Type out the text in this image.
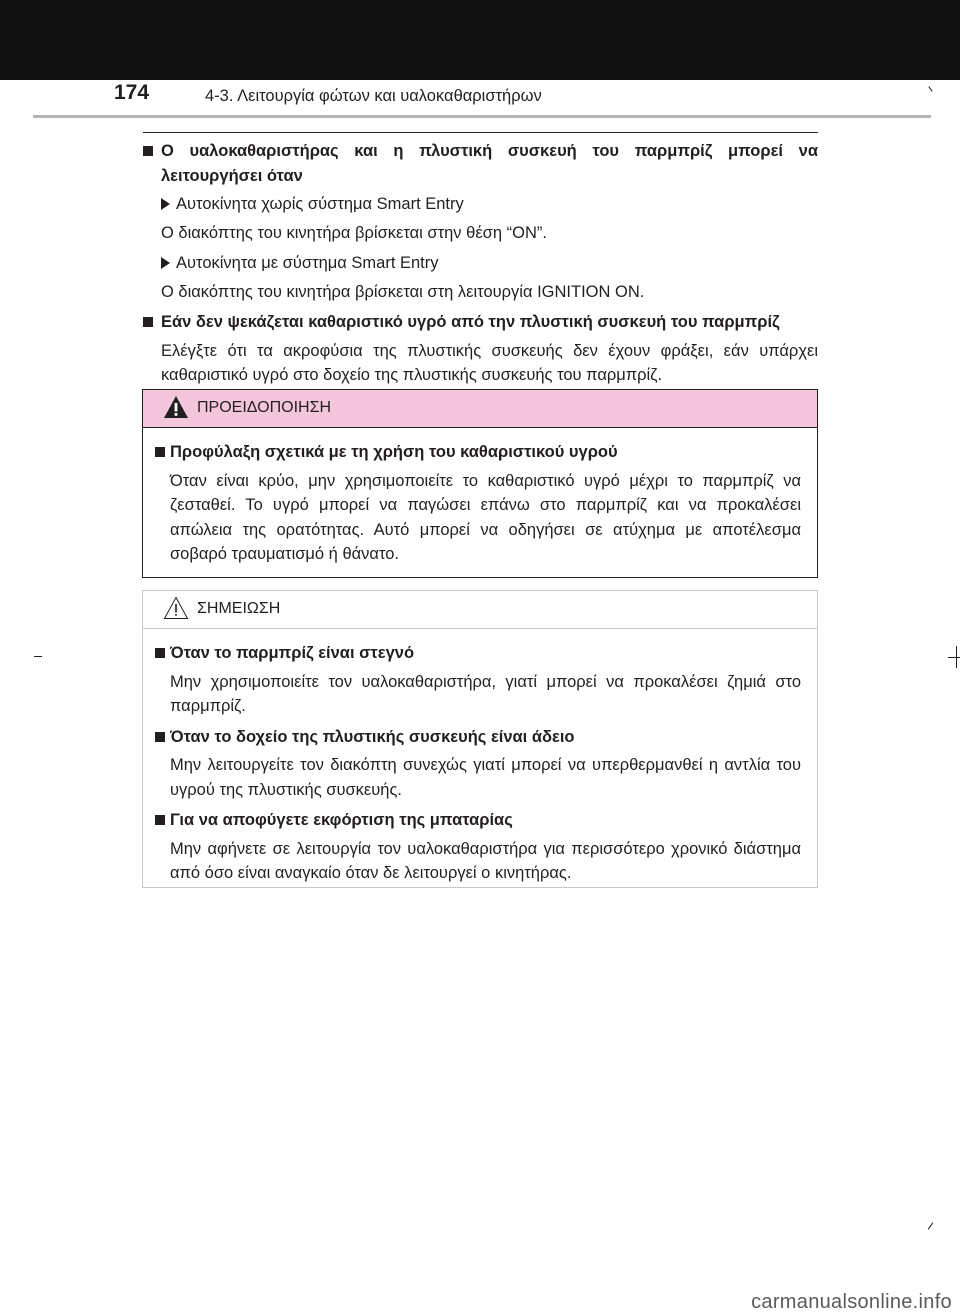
174	4-3. Λειτουργία φώτων και υαλοκαθαριστήρων
Ο υαλοκαθαριστήρας και η πλυστική συσκευή του παρμπρίζ μπορεί να λειτουργήσει όταν
Αυτοκίνητα χωρίς σύστημα Smart Entry

Ο διακόπτης του κινητήρα βρίσκεται στην θέση “ON”.

Αυτοκίνητα με σύστημα Smart Entry

Ο διακόπτης του κινητήρα βρίσκεται στη λειτουργία IGNITION ON.

Εάν δεν ψεκάζεται καθαριστικό υγρό από την πλυστική συσκευή του παρμπρίζ

Ελέγξτε ότι τα ακροφύσια της πλυστικής συσκευής δεν έχουν φράξει, εάν υπάρχει καθαριστικό υγρό στο δοχείο της πλυστικής συσκευής του παρμπρίζ.

ΠΡΟΕΙΔΟΠΟΙΗΣΗ
Προφύλαξη σχετικά με τη χρήση του καθαριστικού υγρού

Όταν είναι κρύο, μην χρησιμοποιείτε το καθαριστικό υγρό μέχρι το παρμπρίζ να ζεσταθεί. Το υγρό μπορεί να παγώσει επάνω στο παρμπρίζ και να προκαλέσει απώλεια της ορατότητας. Αυτό μπορεί να οδηγήσει σε ατύχημα με αποτέλεσμα σοβαρό τραυματισμό ή θάνατο.

ΣΗΜΕΙΩΣΗ
Όταν το παρμπρίζ είναι στεγνό

Μην χρησιμοποιείτε τον υαλοκαθαριστήρα, γιατί μπορεί να προκαλέσει ζημιά στο παρμπρίζ.

Όταν το δοχείο της πλυστικής συσκευής είναι άδειο

Μην λειτουργείτε τον διακόπτη συνεχώς γιατί μπορεί να υπερθερμανθεί η αντλία του υγρού της πλυστικής συσκευής.

Για να αποφύγετε εκφόρτιση της μπαταρίας

Μην αφήνετε σε λειτουργία τον υαλοκαθαριστήρα για περισσότερο χρονικό διάστημα από όσο είναι αναγκαίο όταν δε λειτουργεί ο κινητήρας.

carmanualsonline.info
